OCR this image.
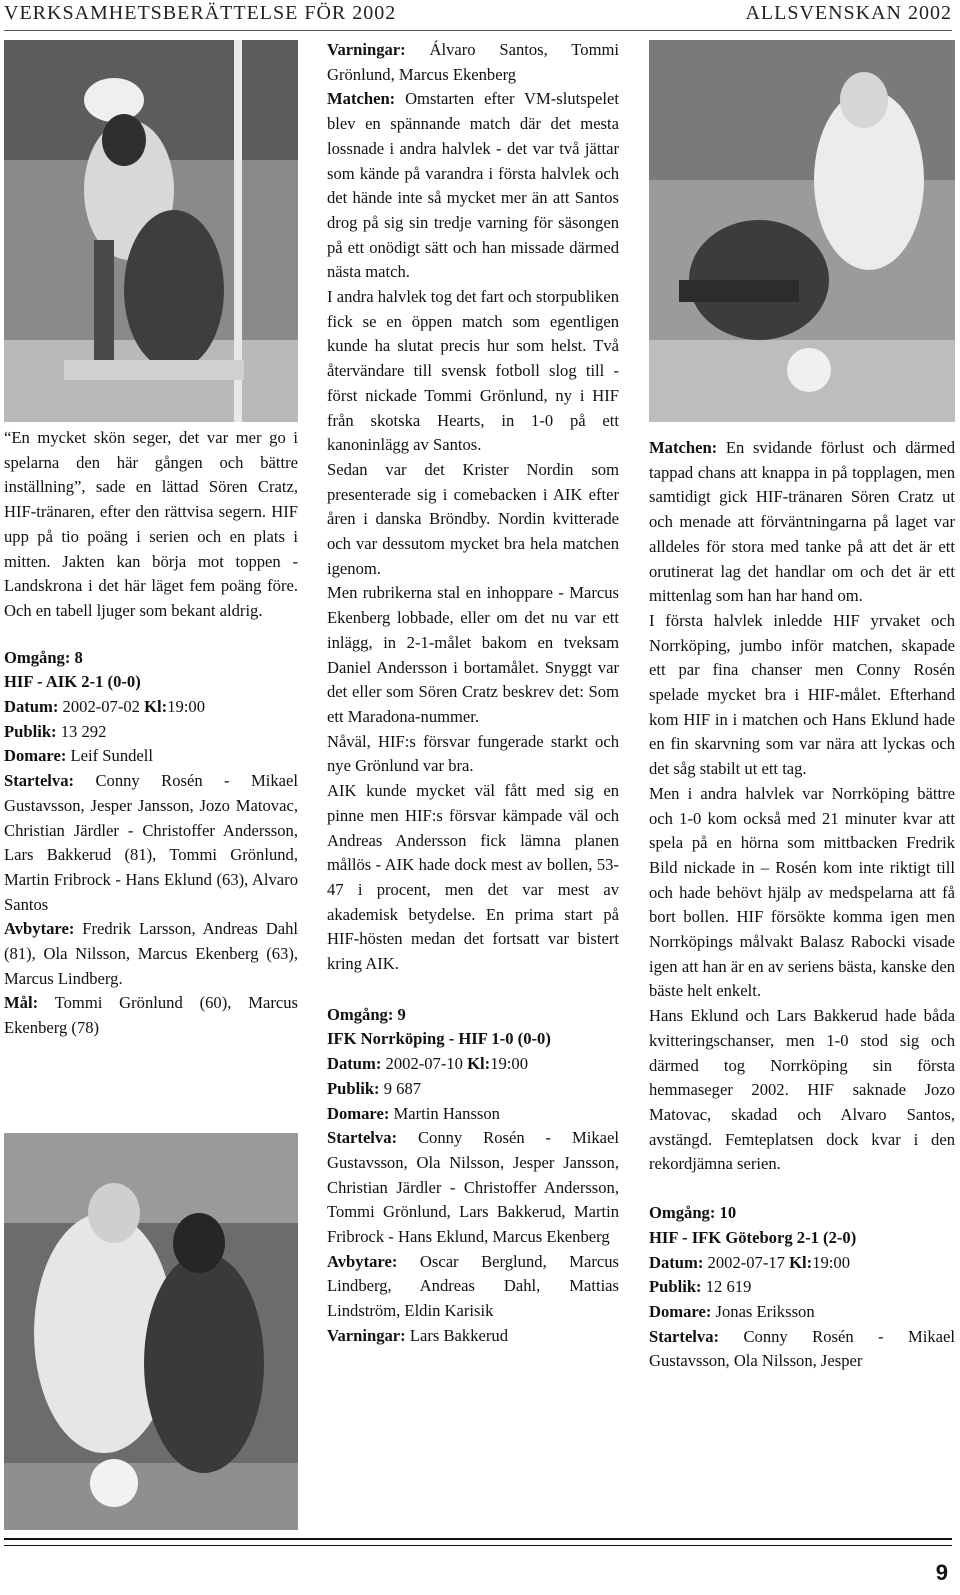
VERKSAMHETSBERÄTTELSE FÖR 2002	ALLSVENSKAN 2002

“En mycket skön seger, det var mer go i spelarna den här gången och bättre inställning”, sade en lättad Sören Cratz, HIF-tränaren, efter den rättvisa segern. HIF upp på tio poäng i serien och en plats i mitten. Jakten kan börja mot toppen - Landskrona i det här läget fem poäng före. Och en tabell ljuger som bekant aldrig.

Omgång: 8

HIF - AIK 2-1 (0-0)

Datum: 2002-07-02 Kl:19:00

Publik: 13 292

Domare: Leif Sundell

Startelva: Conny Rosén - Mikael Gustavsson, Jesper Jansson, Jozo Matovac, Christian Järdler - Christoffer Andersson, Lars Bakkerud (81), Tommi Grönlund, Martin Fribrock - Hans Eklund (63), Alvaro Santos

Avbytare: Fredrik Larsson, Andreas Dahl (81), Ola Nilsson, Marcus Ekenberg (63), Marcus Lindberg.

Mål: Tommi Grönlund (60), Marcus Ekenberg (78)

Varningar: Álvaro Santos, Tommi Grönlund, Marcus Ekenberg

Matchen: Omstarten efter VM-slutspelet blev en spännande match där det mesta lossnade i andra halvlek - det var två jättar som kände på varandra i första halvlek och det hände inte så mycket mer än att Santos drog på sig sin tredje varning för säsongen på ett onödigt sätt och han missade därmed nästa match.

I andra halvlek tog det fart och storpubliken fick se en öppen match som egentligen kunde ha slutat precis hur som helst. Två återvändare till svensk fotboll slog till - först nickade Tommi Grönlund, ny i HIF från skotska Hearts, in 1-0 på ett kanoninlägg av Santos.

Sedan var det Krister Nordin som presenterade sig i comebacken i AIK efter åren i danska Bröndby. Nordin kvitterade och var dessutom mycket bra hela matchen igenom.

Men rubrikerna stal en inhoppare - Marcus Ekenberg lobbade, eller om det nu var ett inlägg, in 2-1-målet bakom en tveksam Daniel Andersson i bortamålet. Snyggt var det eller som Sören Cratz beskrev det: Som ett Maradona-nummer.

Nåväl, HIF:s försvar fungerade starkt och nye Grönlund var bra.

AIK kunde mycket väl fått med sig en pinne men HIF:s försvar kämpade väl och Andreas Andersson fick lämna planen mållös - AIK hade dock mest av bollen, 53-47 i procent, men det var mest av akademisk betydelse. En prima start på HIF-hösten medan det fortsatt var bistert kring AIK.

Omgång: 9

IFK Norrköping - HIF 1-0 (0-0)

Datum: 2002-07-10 Kl:19:00

Publik: 9 687

Domare: Martin Hansson

Startelva: Conny Rosén - Mikael Gustavsson, Ola Nilsson, Jesper Jansson, Christian Järdler - Christoffer Andersson, Tommi Grönlund, Lars Bakkerud, Martin Fribrock - Hans Eklund, Marcus Ekenberg

Avbytare: Oscar Berglund, Marcus Lindberg, Andreas Dahl, Mattias Lindström, Eldin Karisik

Varningar: Lars Bakkerud

Matchen: En svidande förlust och därmed tappad chans att knappa in på topplagen, men samtidigt gick HIF-tränaren Sören Cratz ut och menade att förväntningarna på laget var alldeles för stora med tanke på att det är ett orutinerat lag det handlar om och det är ett mittenlag som han har hand om.

I första halvlek inledde HIF yrvaket och Norrköping, jumbo inför matchen, skapade ett par fina chanser men Conny Rosén spelade mycket bra i HIF-målet. Efterhand kom HIF in i matchen och Hans Eklund hade en fin skarvning som var nära att lyckas och det såg stabilt ut ett tag.

Men i andra halvlek var Norrköping bättre och 1-0 kom också med 21 minuter kvar att spela på en hörna som mittbacken Fredrik Bild nickade in – Rosén kom inte riktigt till och hade behövt hjälp av medspelarna att få bort bollen. HIF försökte komma igen men Norrköpings målvakt Balasz Rabocki visade igen att han är en av seriens bästa, kanske den bäste helt enkelt.

Hans Eklund och Lars Bakkerud hade båda kvitteringschanser, men 1-0 stod sig och därmed tog Norrköping sin första hemmaseger 2002. HIF saknade Jozo Matovac, skadad och Alvaro Santos, avstängd. Femteplatsen dock kvar i den rekordjämna serien.

Omgång: 10

HIF - IFK Göteborg 2-1 (2-0)

Datum: 2002-07-17 Kl:19:00

Publik: 12 619

Domare: Jonas Eriksson

Startelva: Conny Rosén - Mikael Gustavsson, Ola Nilsson, Jesper

9
